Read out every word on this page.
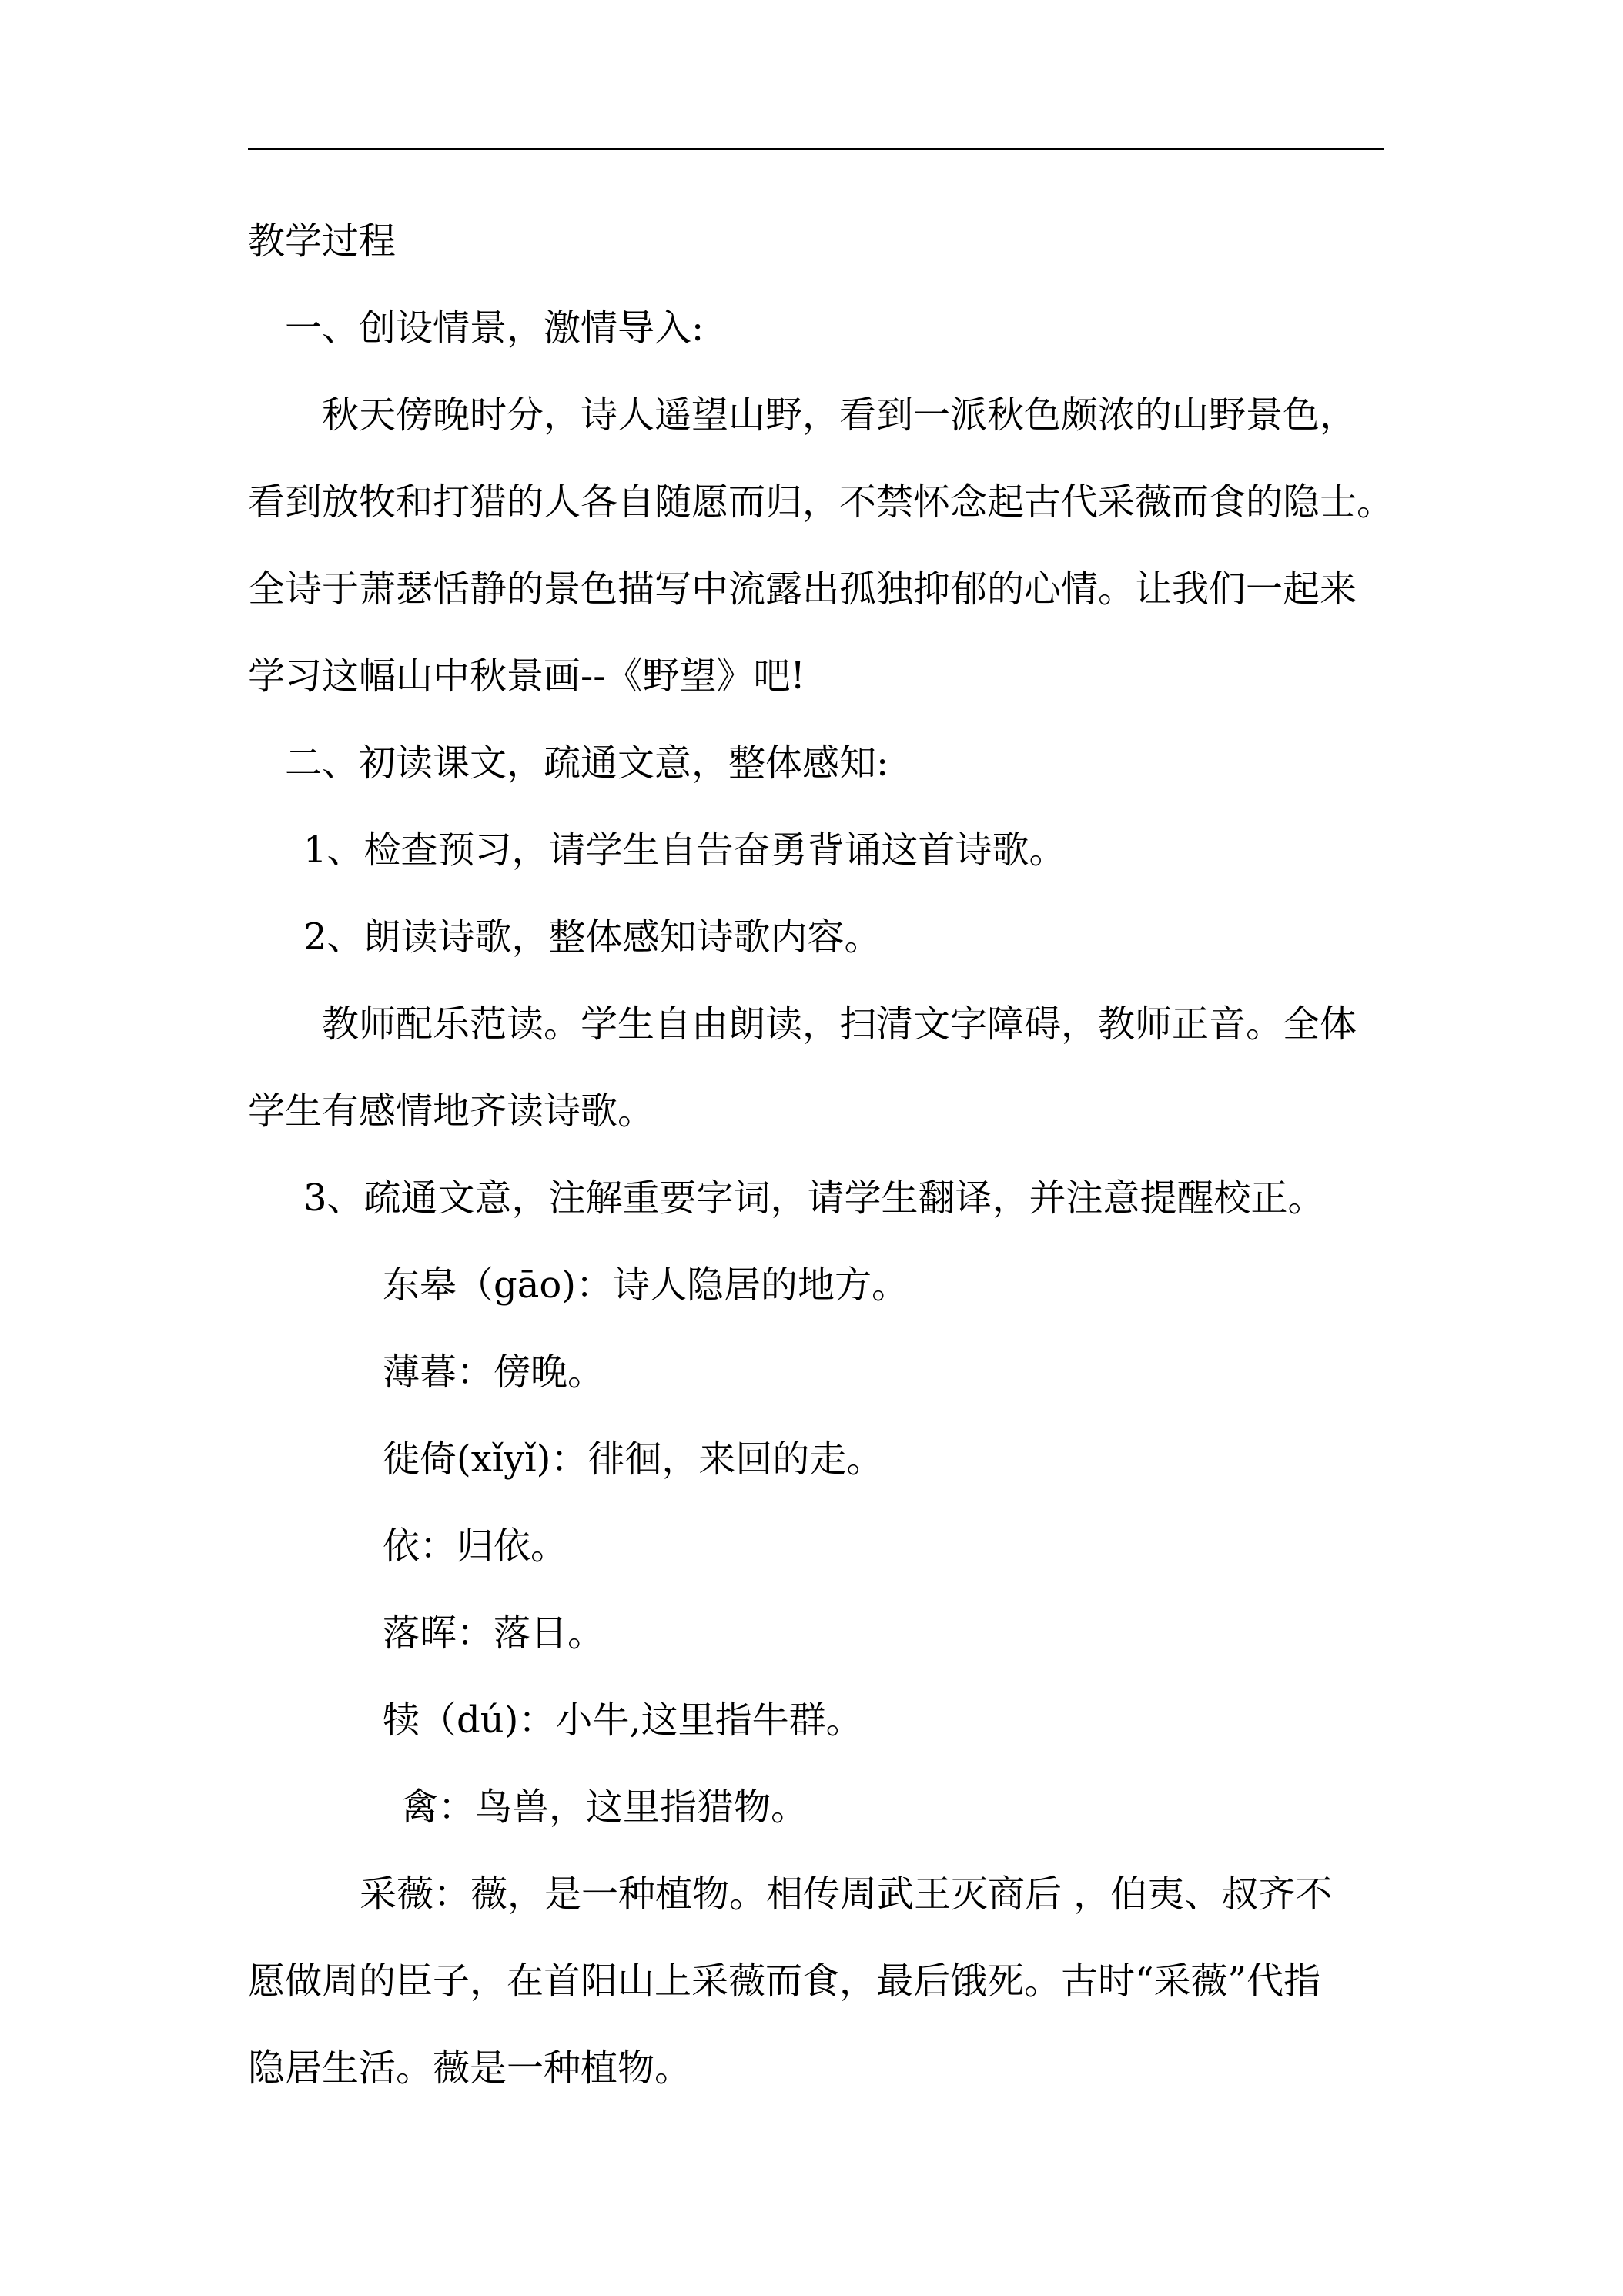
教学过程
一、创设情景，激情导入:
秋天傍晚时分，诗人遥望山野，看到一派秋色颇浓的山野景色，
看到放牧和打猎的人各自随愿而归，不禁怀念起古代采薇而食的隐士。
全诗于萧瑟恬静的景色描写中流露出孤独抑郁的心情。让我们一起来
学习这幅山中秋景画--《野望》吧!
二、初读课文，疏通文意，整体感知:
1、检查预习，请学生自告奋勇背诵这首诗歌。
2、朗读诗歌，整体感知诗歌内容。
教师配乐范读。学生自由朗读，扫清文字障碍，教师正音。全体
学生有感情地齐读诗歌。
3、疏通文意，注解重要字词，请学生翻译，并注意提醒校正。
东皋（gāo)：诗人隐居的地方。
薄暮：傍晚。
徙倚(xǐyǐ)：徘徊，来回的走。
依：归依。
落晖：落日。
犊（dú)：小牛,这里指牛群。
禽：鸟兽，这里指猎物。
采薇：薇，是一种植物。相传周武王灭商后 ，伯夷、叔齐不
愿做周的臣子，在首阳山上采薇而食，最后饿死。古时“采薇”代指
隐居生活。薇是一种植物。
